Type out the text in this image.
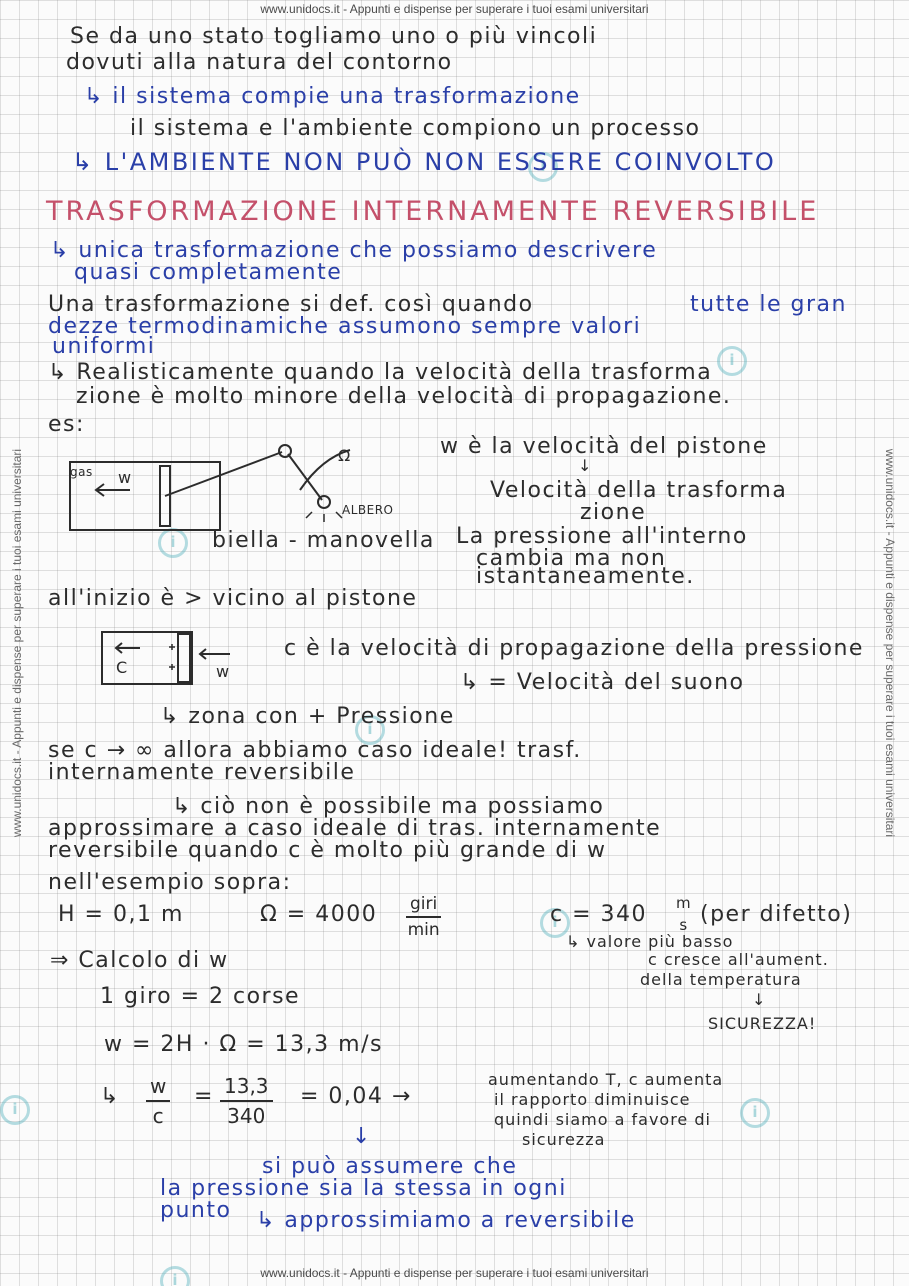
www.unidocs.it - Appunti e dispense per superare i tuoi esami universitari
www.unidocs.it - Appunti e dispense per superare i tuoi esami universitari
www.unidocs.it - Appunti e dispense per superare i tuoi esami universitari	www.unidocs.it - Appunti e dispense per superare i tuoi esami universitari
i
i
i
i
i
i
i
i
Se da uno stato togliamo uno o più vincoli
dovuti alla natura del contorno
↳ il sistema compie una trasformazione
il sistema e l'ambiente compiono un processo
↳ L'AMBIENTE NON PUÒ NON ESSERE COINVOLTO
TRASFORMAZIONE INTERNAMENTE REVERSIBILE
↳ unica trasformazione che possiamo descrivere
quasi completamente
Una trasformazione si def. così quando	tutte le gran
dezze termodinamiche assumono sempre valori
uniformi
↳ Realisticamente quando la velocità della trasforma
zione è molto minore della velocità di propagazione.
es:
w
Ω
ALBERO
gas
w è la velocità del pistone
↓
Velocità della trasforma
zione
biella - manovella La pressione all'interno
cambia ma non
istantaneamente.
all'inizio è > vicino al pistone
C	w
c è la velocità di propagazione della pressione
↳ = Velocità del suono
↳ zona con + Pressione
se c → ∞ allora abbiamo caso ideale! trasf.
internamente reversibile
↳ ciò non è possibile ma possiamo
approssimare a caso ideale di tras. internamente
reversibile quando c è molto più grande di w
nell'esempio sopra:
H = 0,1 m	Ω = 4000 giri
min
c = 340 m
s (per difetto)
↳ valore più basso
c cresce all'aument.
della temperatura
↓
SICUREZZA!
⇒ Calcolo di w
1 giro = 2 corse
w = 2H · Ω = 13,3 m/s
↳ $\frac{w}{c} = \frac{13,3}{340} = 0,04$ →
aumentando T, c aumenta
il rapporto diminuisce
quindi siamo a favore di
sicurezza
↓
si può assumere che
la pressione sia la stessa in ogni
punto ↳ approssimiamo a reversibile
